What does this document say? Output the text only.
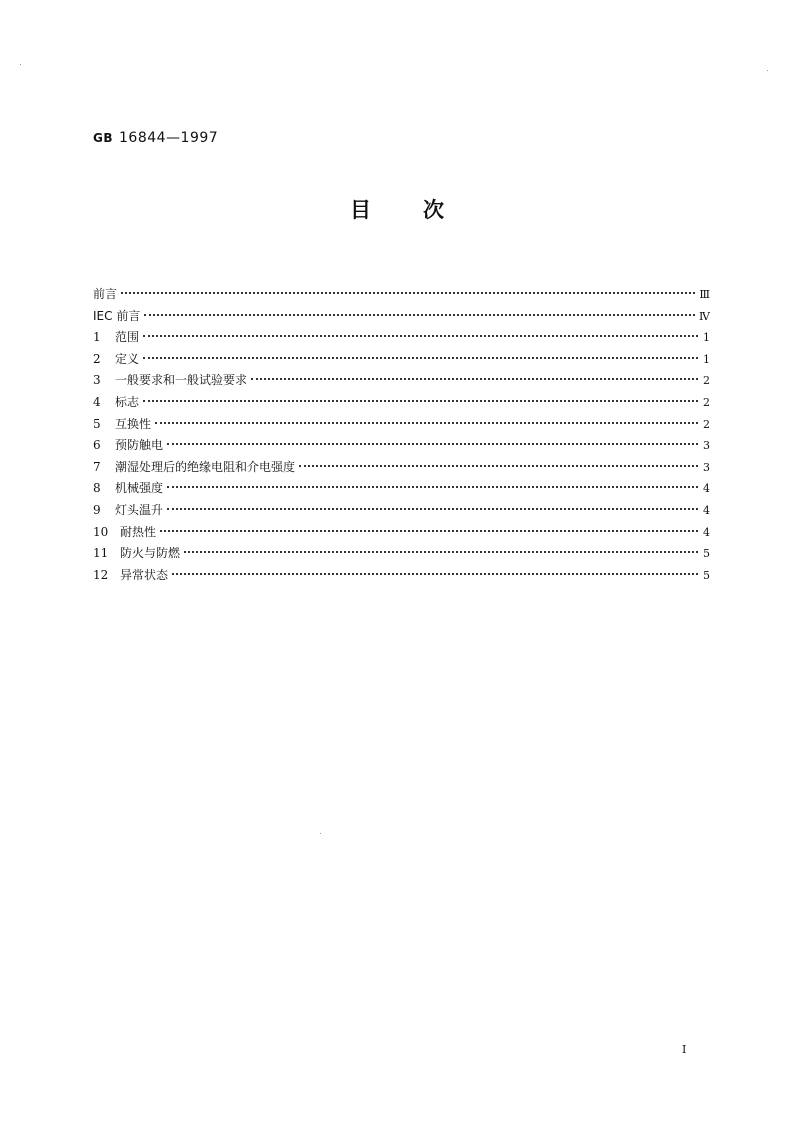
GB 16844—1997
目次
前言	Ⅲ
IEC 前言	Ⅳ
1	范围	1
2	定义	1
3	一般要求和一般试验要求	2
4	标志	2
5	互换性	2
6	预防触电	3
7	潮湿处理后的绝缘电阻和介电强度	3
8	机械强度	4
9	灯头温升	4
10 耐热性	4
11 防火与防燃	5
12 异常状态	5
I
